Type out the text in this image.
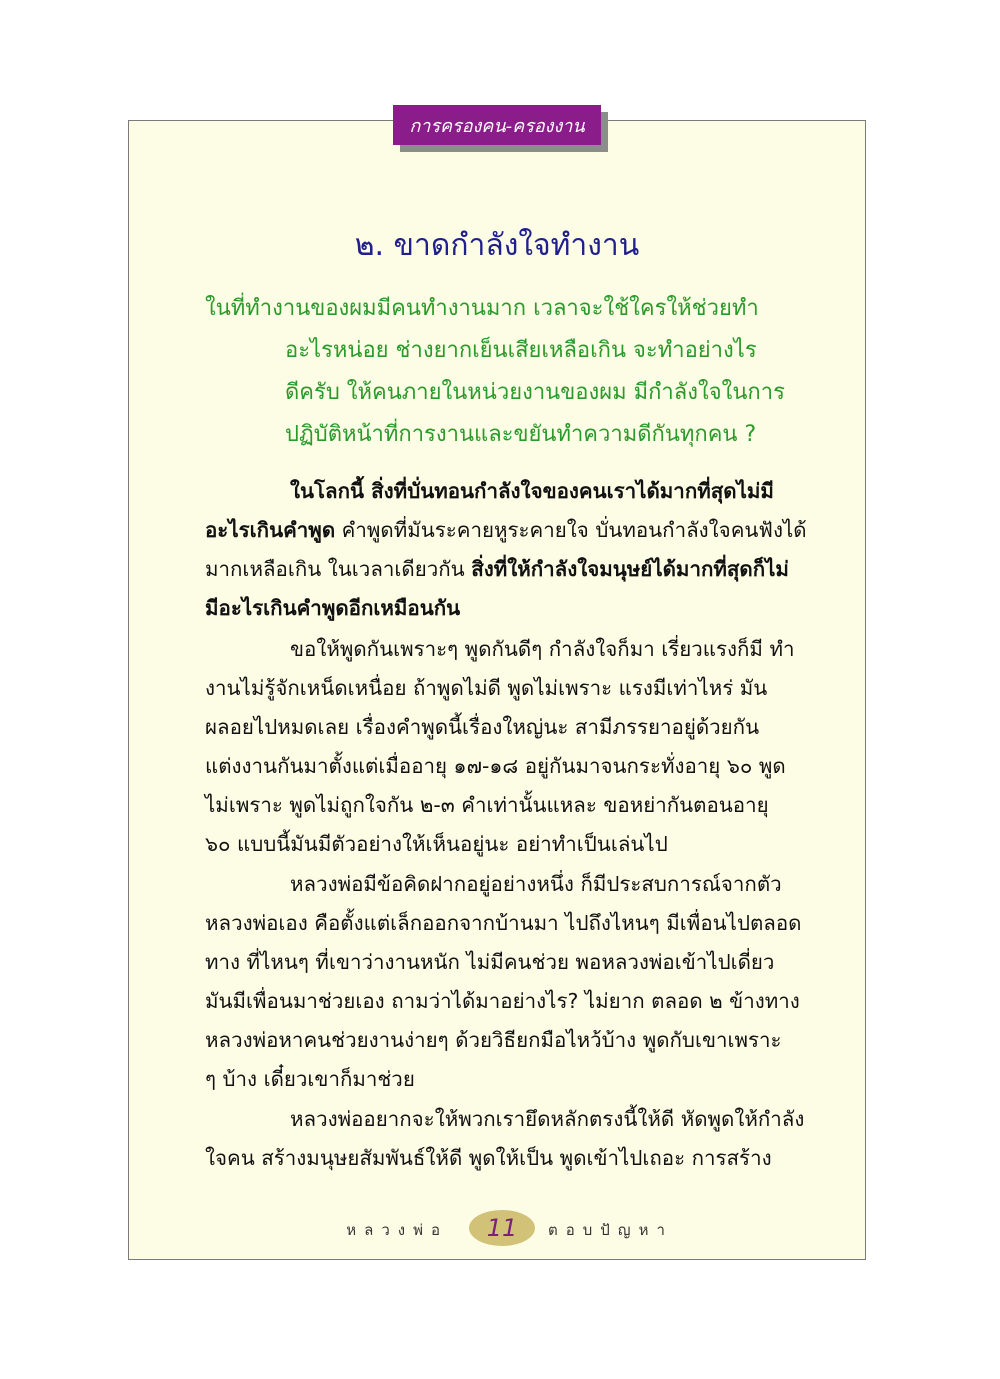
การครองคน-ครองงาน
๒. ขาดกำลังใจทำงาน
ในที่ทำงานของผมมีคนทำงานมาก เวลาจะใช้ใครให้ช่วยทำ
อะไรหน่อย ช่างยากเย็นเสียเหลือเกิน จะทำอย่างไร
ดีครับ ให้คนภายในหน่วยงานของผม มีกำลังใจในการ
ปฏิบัติหน้าที่การงานและขยันทำความดีกันทุกคน ?
ในโลกนี้ สิ่งที่บั่นทอนกำลังใจของคนเราได้มากที่สุดไม่มี
อะไรเกินคำพูด คำพูดที่มันระคายหูระคายใจ บั่นทอนกำลังใจคนฟังได้
มากเหลือเกิน ในเวลาเดียวกัน สิ่งที่ให้กำลังใจมนุษย์ได้มากที่สุดก็ไม่
มีอะไรเกินคำพูดอีกเหมือนกัน
ขอให้พูดกันเพราะๆ พูดกันดีๆ กำลังใจก็มา เรี่ยวแรงก็มี ทำ
งานไม่รู้จักเหน็ดเหนื่อย ถ้าพูดไม่ดี พูดไม่เพราะ แรงมีเท่าไหร่ มัน
ผลอยไปหมดเลย เรื่องคำพูดนี้เรื่องใหญ่นะ สามีภรรยาอยู่ด้วยกัน
แต่งงานกันมาตั้งแต่เมื่ออายุ ๑๗-๑๘ อยู่กันมาจนกระทั่งอายุ ๖๐ พูด
ไม่เพราะ พูดไม่ถูกใจกัน ๒-๓ คำเท่านั้นแหละ ขอหย่ากันตอนอายุ
๖๐ แบบนี้มันมีตัวอย่างให้เห็นอยู่นะ อย่าทำเป็นเล่นไป
หลวงพ่อมีข้อคิดฝากอยู่อย่างหนึ่ง ก็มีประสบการณ์จากตัว
หลวงพ่อเอง คือตั้งแต่เล็กออกจากบ้านมา ไปถึงไหนๆ มีเพื่อนไปตลอด
ทาง ที่ไหนๆ ที่เขาว่างานหนัก ไม่มีคนช่วย พอหลวงพ่อเข้าไปเดี่ยว
มันมีเพื่อนมาช่วยเอง ถามว่าได้มาอย่างไร? ไม่ยาก ตลอด ๒ ข้างทาง
หลวงพ่อหาคนช่วยงานง่ายๆ ด้วยวิธียกมือไหว้บ้าง พูดกับเขาเพราะ
ๆ บ้าง เดี๋ยวเขาก็มาช่วย
หลวงพ่ออยากจะให้พวกเรายึดหลักตรงนี้ให้ดี หัดพูดให้กำลัง
ใจคน สร้างมนุษยสัมพันธ์ให้ดี พูดให้เป็น พูดเข้าไปเถอะ การสร้าง
หลวงพ่อ 11 ตอบปัญหา
